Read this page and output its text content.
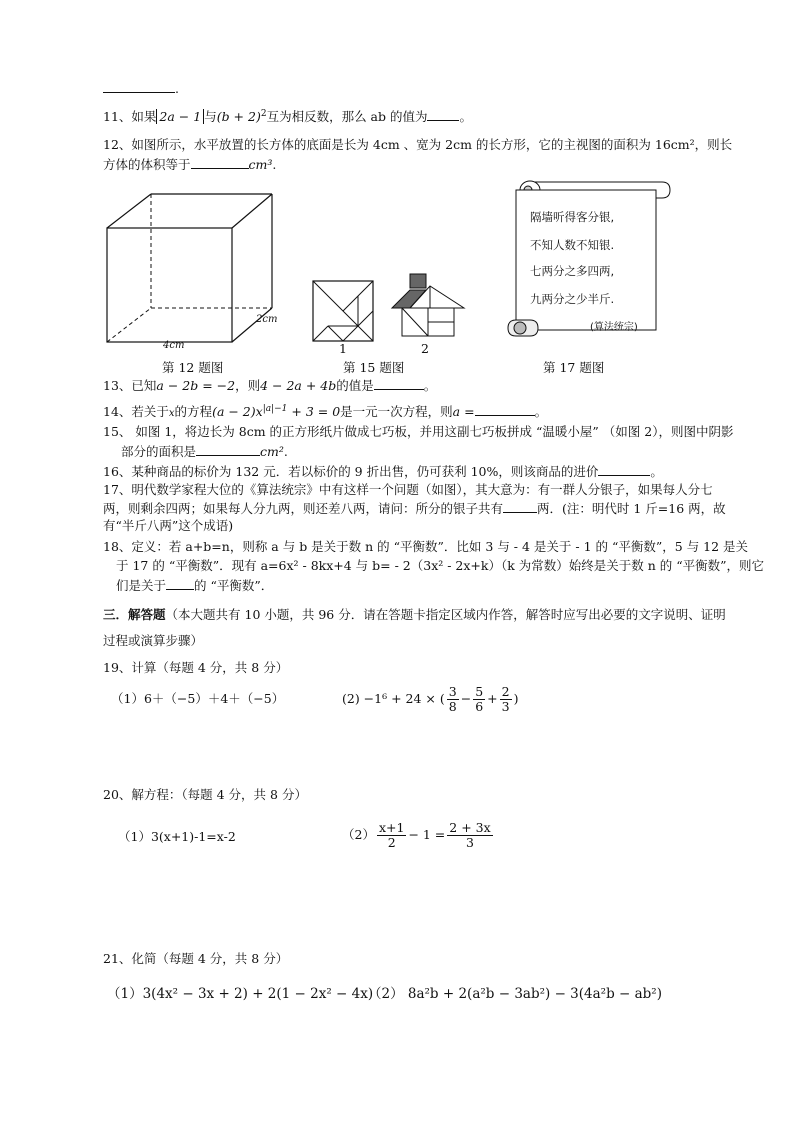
.
11、如果 2a − 1 与$(b + 2)^2$互为相反数，那么 ab 的值为	。
12、如图所示，水平放置的长方体的底面是长为 4cm 、宽为 2cm 的长方形，它的主视图的面积为 16cm²，则长
方体的体积等于	cm³.
4cm
2cm
第 12 题图
1	2
第 15 题图
隔墙听得客分银,
不知人数不知银.
七两分之多四两,
九两分之少半斤.
(算法统宗)
第 17 题图
13、已知a − 2b = −2，则4 − 2a + 4b的值是	。
14、若关于x的方程$(a - 2)x^{|a|-1} + 3 = 0$是一元一次方程，则a =	。
15、 如图 1，将边长为 8cm 的正方形纸片做成七巧板，并用这副七巧板拼成 “温暖小屋” （如图 2），则图中阴影
部分的面积是	cm².
16、某种商品的标价为 132 元．若以标价的 9 折出售，仍可获利 10%，则该商品的进价	。
17、明代数学家程大位的《算法统宗》中有这样一个问题（如图），其大意为：有一群人分银子，如果每人分七
两，则剩余四两；如果每人分九两，则还差八两，请问：所分的银子共有	两．(注：明代时 1 斤=16 两，故
有“半斤八两”这个成语)
18、定义：若 a+b=n，则称 a 与 b 是关于数 n 的 “平衡数”．比如 3 与 - 4 是关于 - 1 的 “平衡数”，5 与 12 是关
于 17 的 “平衡数”．现有 a=6x² - 8kx+4 与 b= - 2（3x² - 2x+k）（k 为常数）始终是关于数 n 的 “平衡数”，则它
们是关于 的 “平衡数”．
三．解答题（本大题共有 10 小题，共 96 分．请在答题卡指定区域内作答，解答时应写出必要的文字说明、证明
过程或演算步骤）
19、计算（每题 4 分，共 8 分）
（1）6＋（−5）＋4＋（−5）	(2) −1⁶ + 24 × ( $\frac{3}{8} - \frac{5}{6} + \frac{2}{3}$ )
20、解方程：（每题 4 分，共 8 分）
（1）3(x+1)-1=x-2	$(2) \frac{x+1}{2} - 1 = \frac{2 + 3x}{3}$
21、化简（每题 4 分，共 8 分）
（1）3(4x² − 3x + 2) + 2(1 − 2x² − 4x)
（2） 8a²b + 2(a²b − 3ab²) − 3(4a²b − ab²)
